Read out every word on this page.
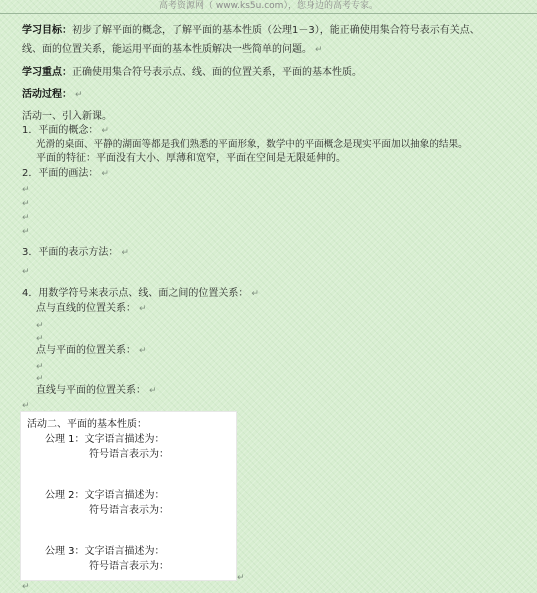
高考资源网（ www.ks5u.com），您身边的高考专家。
学习目标：初步了解平面的概念，了解平面的基本性质（公理1－3），能正确使用集合符号表示有关点、
线、面的位置关系，能运用平面的基本性质解决一些简单的问题。 ↵
学习重点：正确使用集合符号表示点、线、面的位置关系，平面的基本性质。
活动过程： ↵
活动一、引入新课。
1．平面的概念： ↵
光滑的桌面、平静的湖面等都是我们熟悉的平面形象，数学中的平面概念是现实平面加以抽象的结果。
平面的特征：平面没有大小、厚薄和宽窄，平面在空间是无限延伸的。
2．平面的画法： ↵
↵
↵
↵
↵
3．平面的表示方法： ↵
↵
4．用数学符号来表示点、线、面之间的位置关系： ↵
点与直线的位置关系： ↵
↵
↵
点与平面的位置关系： ↵
↵
↵
直线与平面的位置关系： ↵
↵
活动二、平面的基本性质：
公理 1：文字语言描述为：
符号语言表示为：
公理 2：文字语言描述为：
符号语言表示为：
公理 3：文字语言描述为：
符号语言表示为：
↵
↵
